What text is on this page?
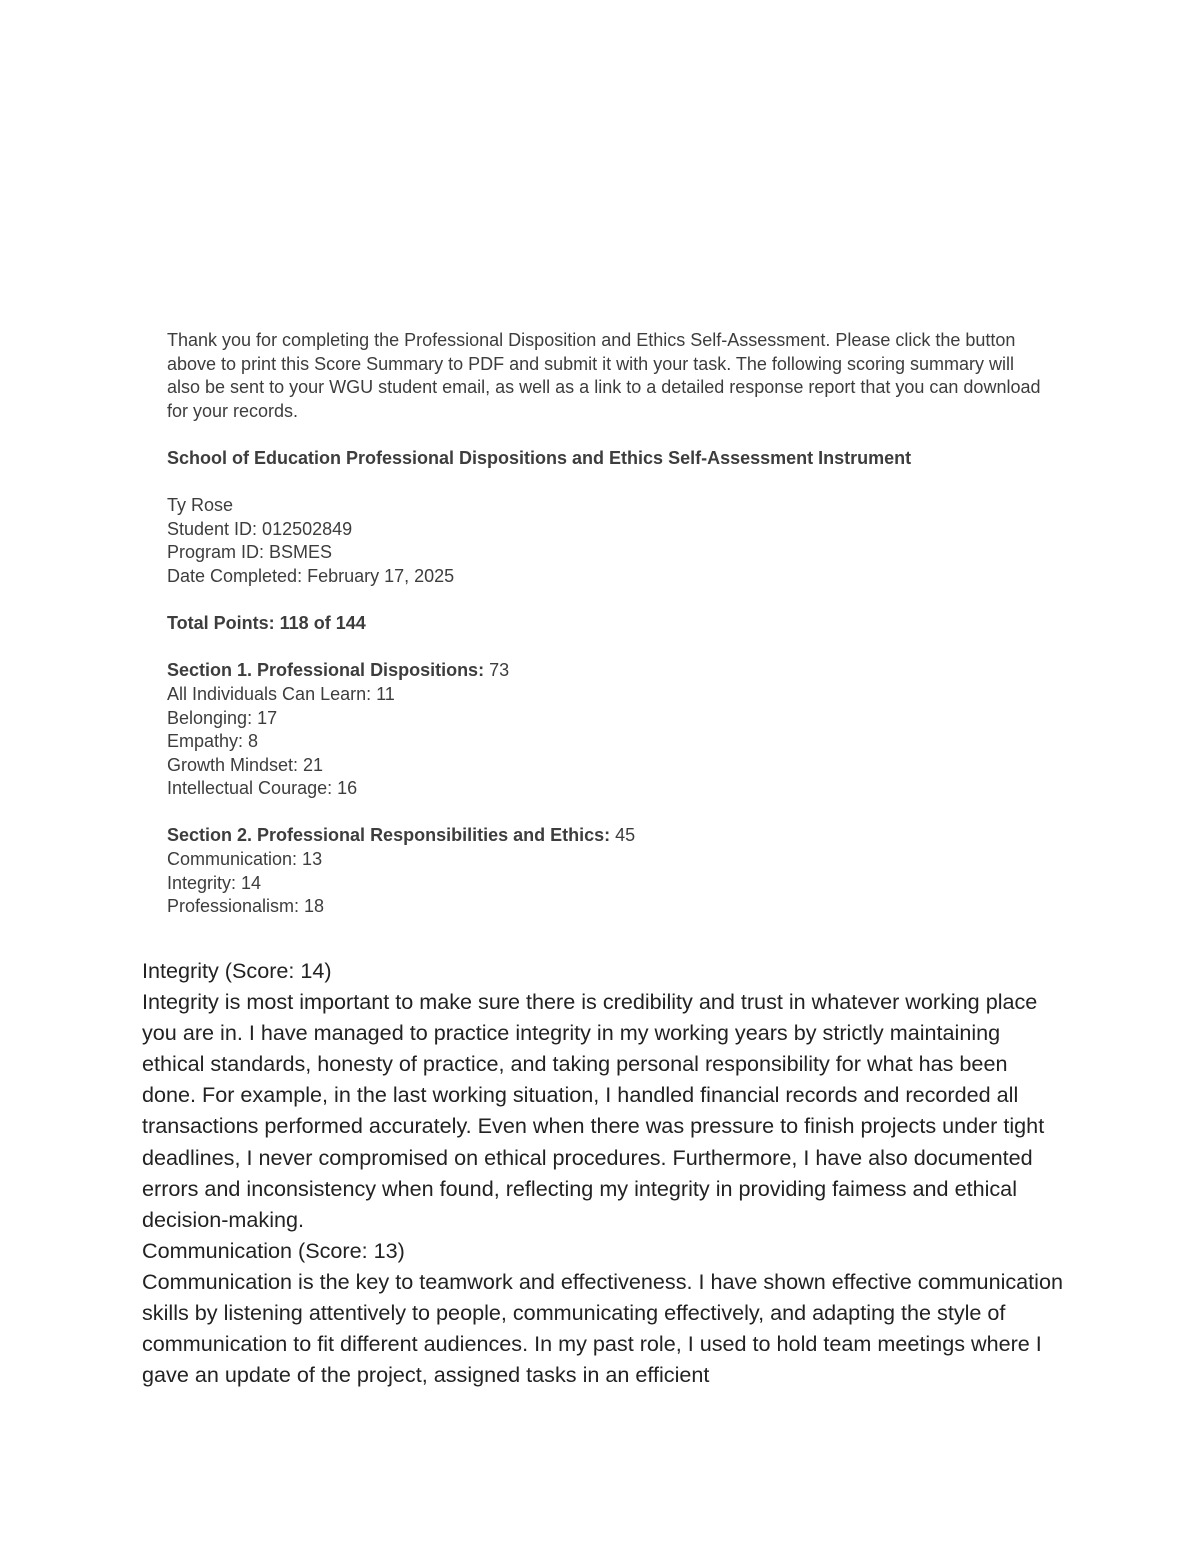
Thank you for completing the Professional Disposition and Ethics Self-Assessment. Please click the button above to print this Score Summary to PDF and submit it with your task. The following scoring summary will also be sent to your WGU student email, as well as a link to a detailed response report that you can download for your records.

School of Education Professional Dispositions and Ethics Self-Assessment Instrument

Ty Rose
Student ID: 012502849
Program ID: BSMES
Date Completed: February 17, 2025

Total Points: 118 of 144

Section 1. Professional Dispositions: 73
All Individuals Can Learn: 11
Belonging: 17
Empathy: 8
Growth Mindset: 21
Intellectual Courage: 16
Section 2. Professional Responsibilities and Ethics: 45
Communication: 13
Integrity: 14
Professionalism: 18

Integrity (Score: 14)

Integrity is most important to make sure there is credibility and trust in whatever working place you are in. I have managed to practice integrity in my working years by strictly maintaining ethical standards, honesty of practice, and taking personal responsibility for what has been done. For example, in the last working situation, I handled financial records and recorded all transactions performed accurately. Even when there was pressure to finish projects under tight deadlines, I never compromised on ethical procedures. Furthermore, I have also documented errors and inconsistency when found, reflecting my integrity in providing faimess and ethical decision-making.

Communication (Score: 13)

Communication is the key to teamwork and effectiveness. I have shown effective communication skills by listening attentively to people, communicating effectively, and adapting the style of communication to fit different audiences. In my past role, I used to hold team meetings where I gave an update of the project, assigned tasks in an efficient
